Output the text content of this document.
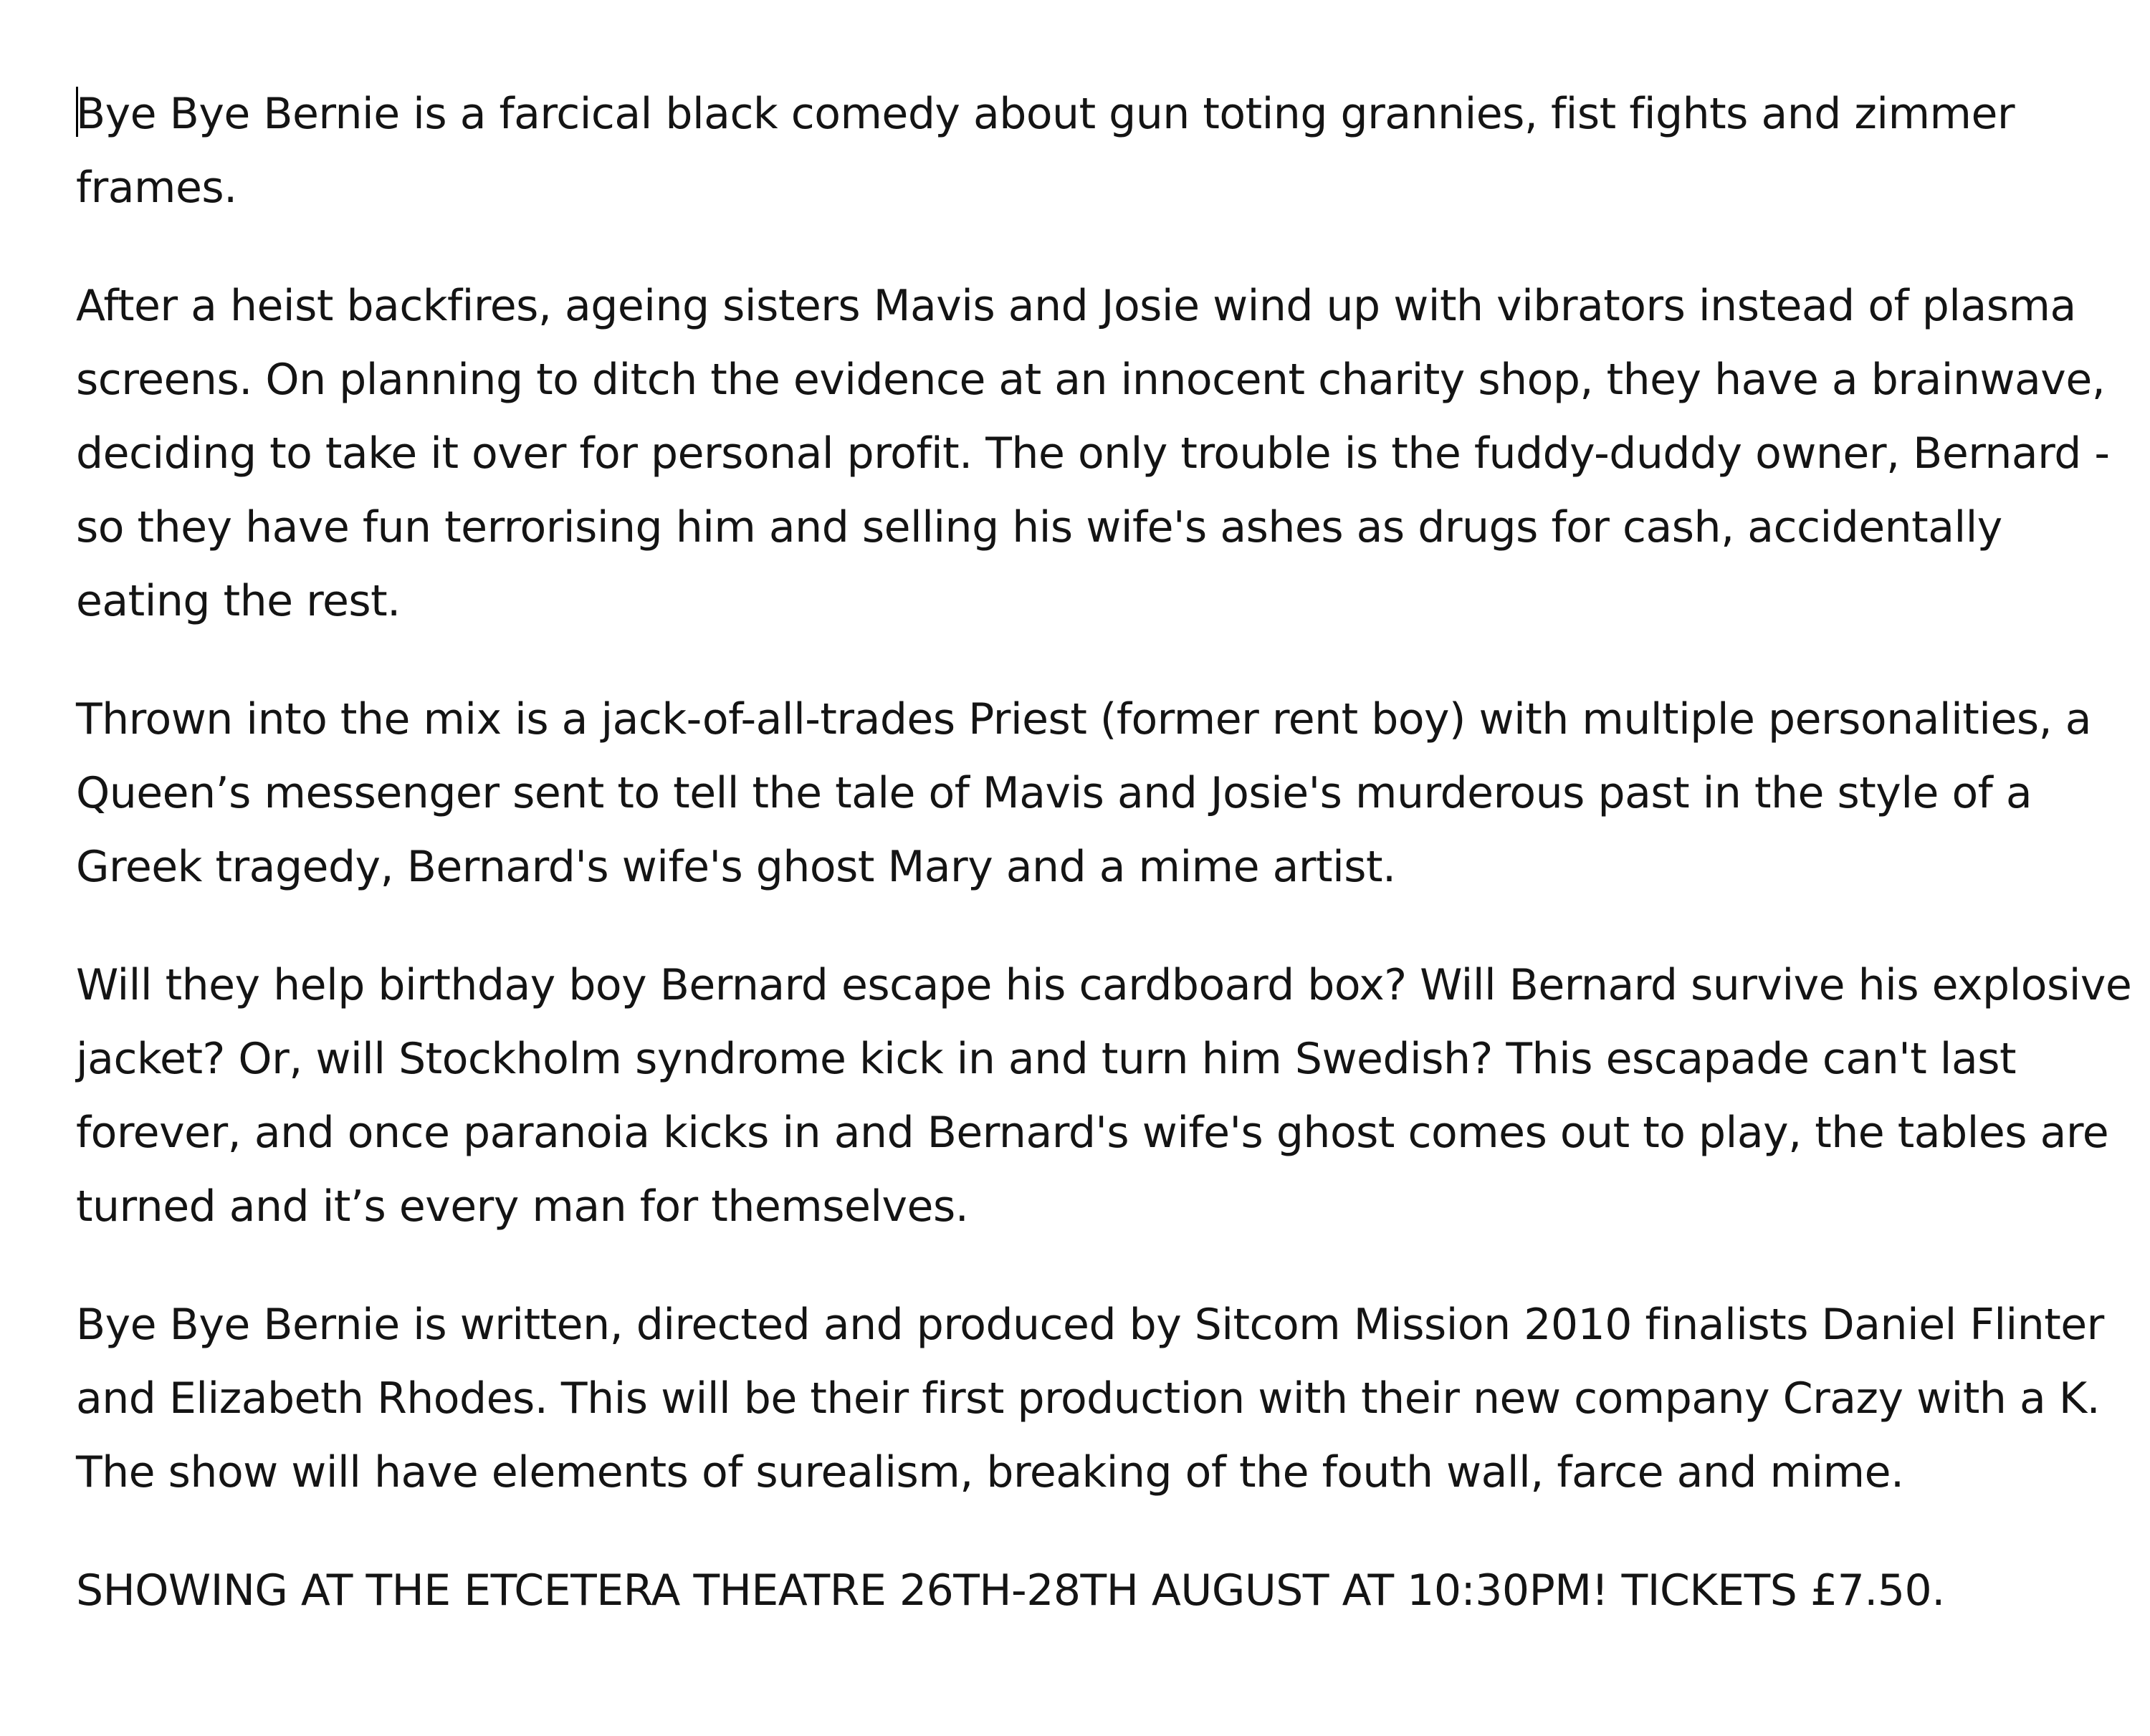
Bye Bye Bernie is a farcical black comedy about gun toting grannies, fist fights and zimmer frames.

After a heist backfires, ageing sisters Mavis and Josie wind up with vibrators instead of plasma screens. On planning to ditch the evidence at an innocent charity shop, they have a brainwave, deciding to take it over for personal profit. The only trouble is the fuddy-duddy owner, Bernard - so they have fun terrorising him and selling his wife's ashes as drugs for cash, accidentally eating the rest.

Thrown into the mix is a jack-of-all-trades Priest (former rent boy) with multiple personalities, a Queen’s messenger sent to tell the tale of Mavis and Josie's murderous past in the style of a Greek tragedy, Bernard's wife's ghost Mary and a mime artist.

Will they help birthday boy Bernard escape his cardboard box? Will Bernard survive his explosive jacket? Or, will Stockholm syndrome kick in and turn him Swedish? This escapade can't last forever, and once paranoia kicks in and Bernard's wife's ghost comes out to play, the tables are turned and it’s every man for themselves.

Bye Bye Bernie is written, directed and produced by Sitcom Mission 2010 finalists Daniel Flinter and Elizabeth Rhodes. This will be their first production with their new company Crazy with a K. The show will have elements of surealism, breaking of the fouth wall, farce and mime.

SHOWING AT THE ETCETERA THEATRE 26TH-28TH AUGUST AT 10:30PM! TICKETS £7.50.
